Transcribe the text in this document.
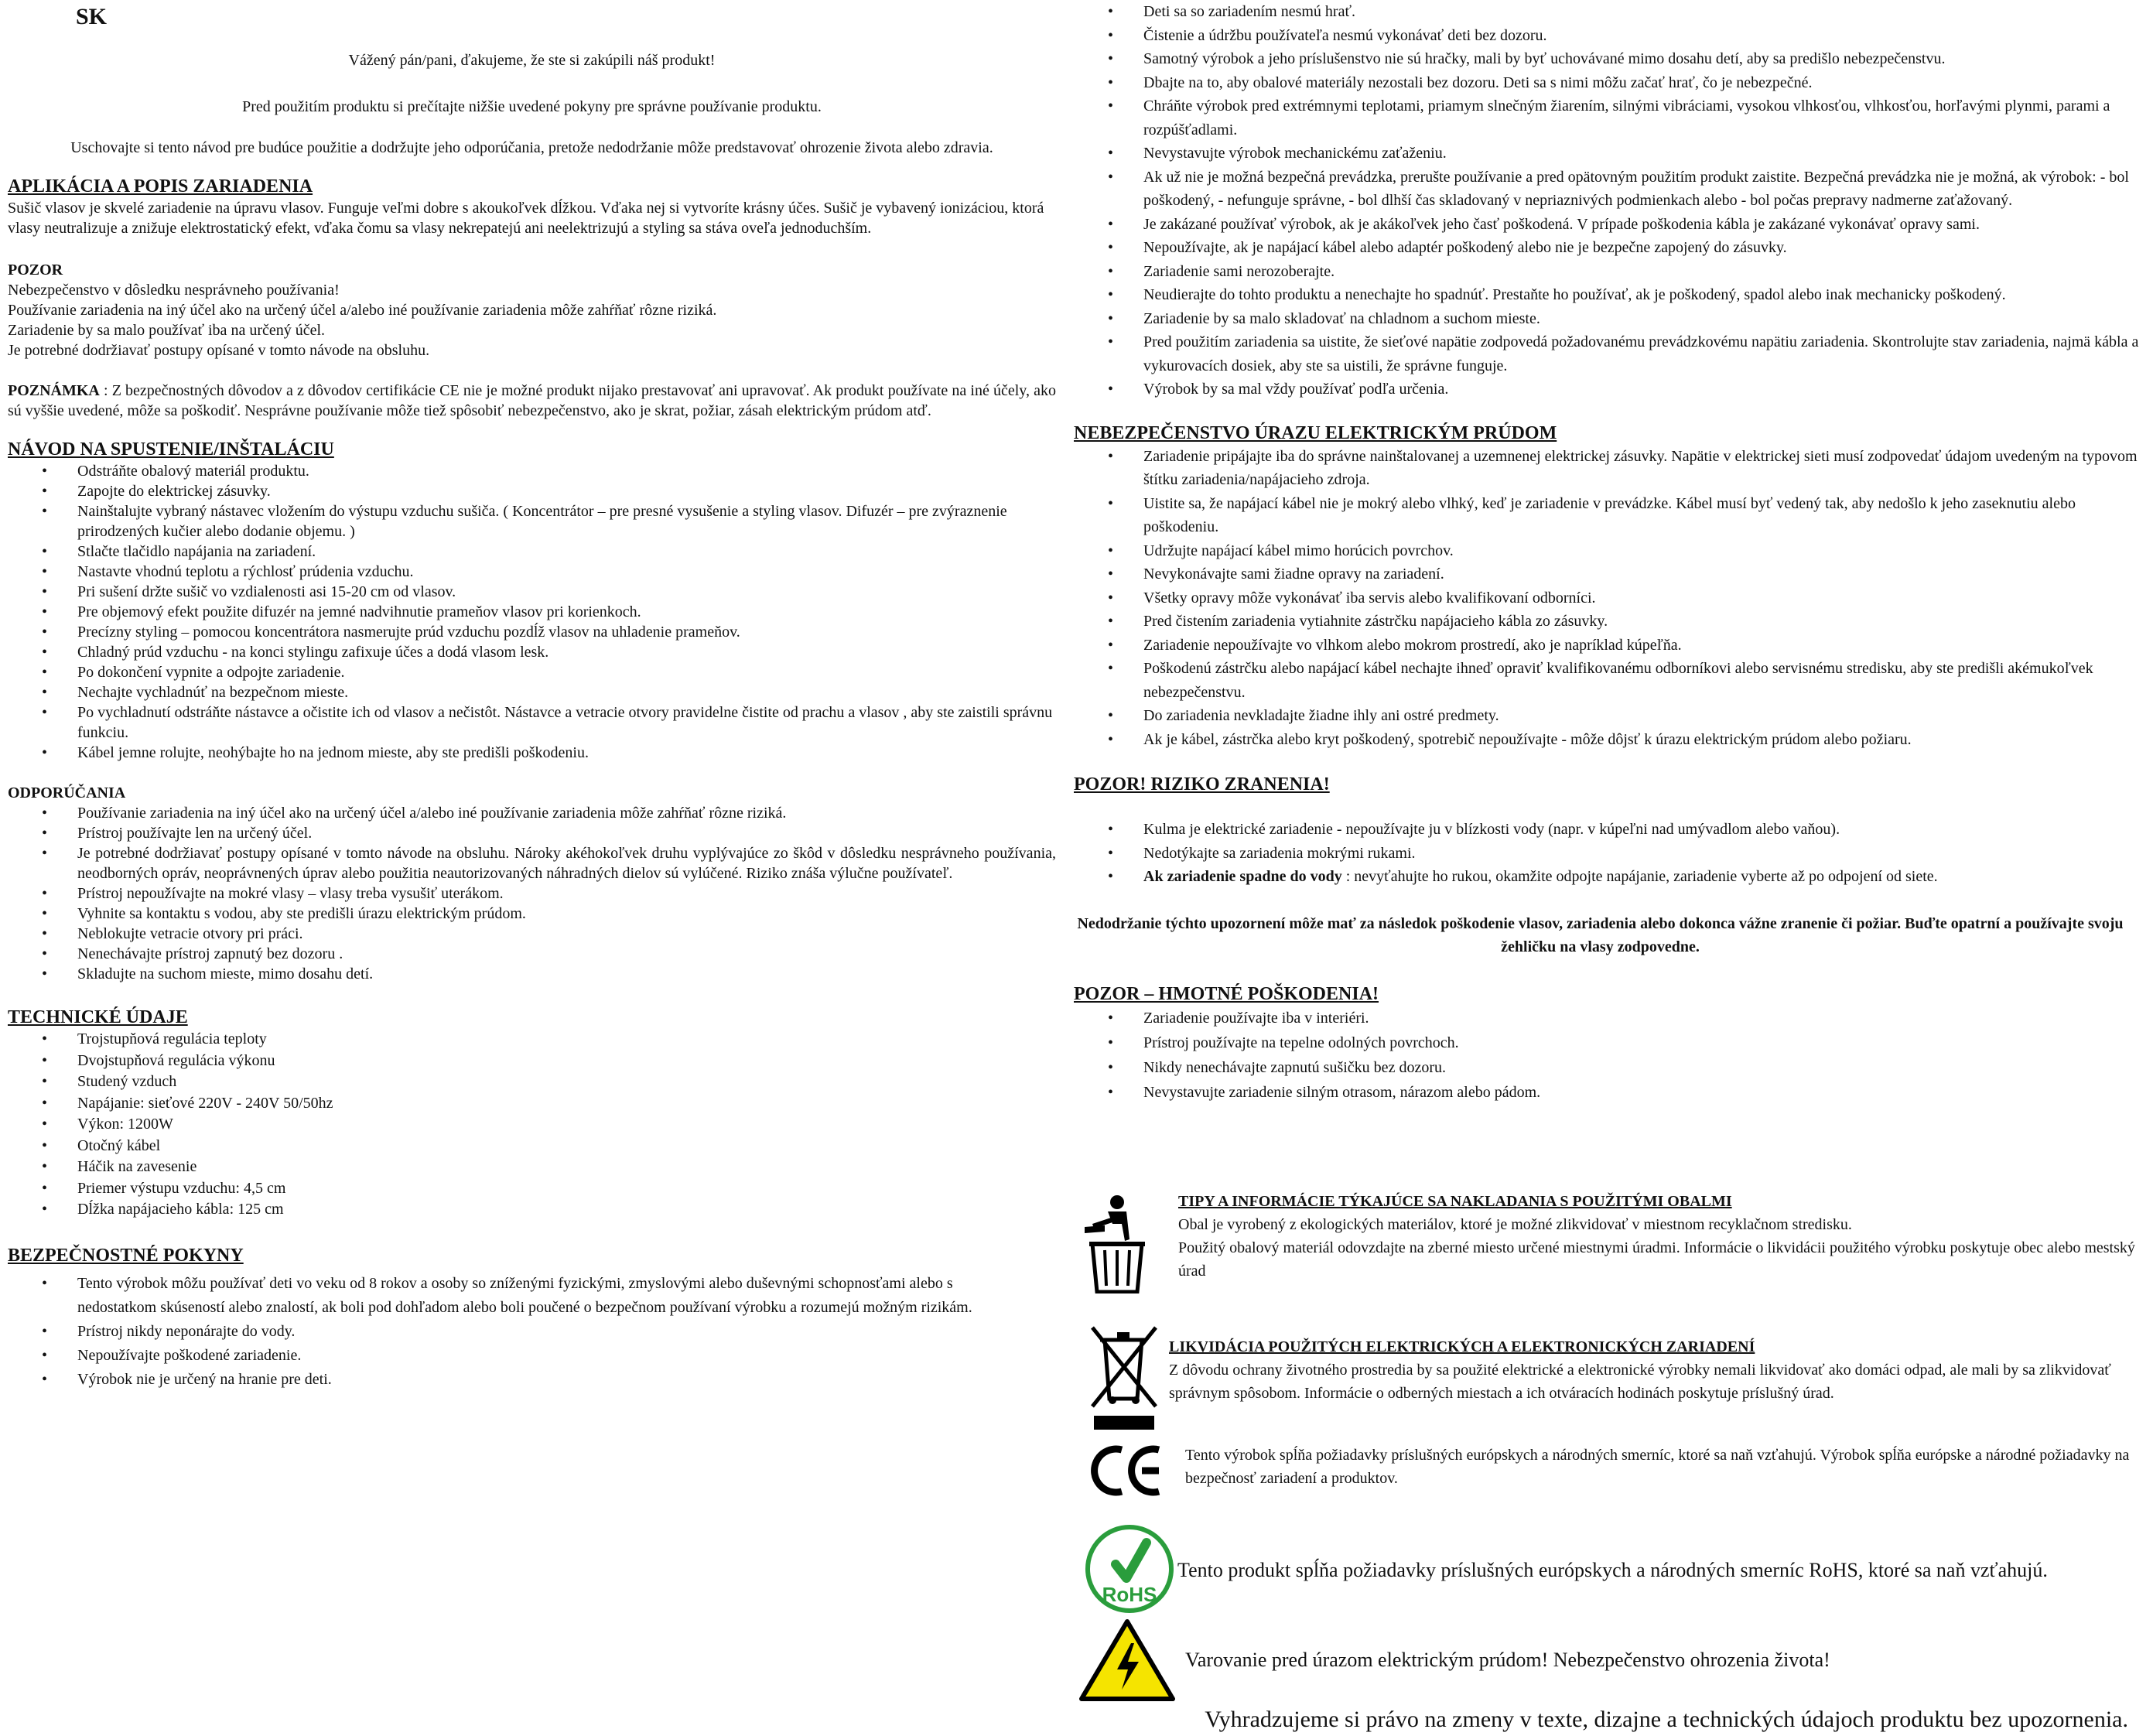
SK

Vážený pán/pani, ďakujeme, že ste si zakúpili náš produkt!

Pred použitím produktu si prečítajte nižšie uvedené pokyny pre správne používanie produktu.

Uschovajte si tento návod pre budúce použitie a dodržujte jeho odporúčania, pretože nedodržanie môže predstavovať ohrozenie života alebo zdravia.

APLIKÁCIA A POPIS ZARIADENIA

Sušič vlasov je skvelé zariadenie na úpravu vlasov. Funguje veľmi dobre s akoukoľvek dĺžkou. Vďaka nej si vytvoríte krásny účes. Sušič je vybavený ionizáciou, ktorá vlasy neutralizuje a znižuje elektrostatický efekt, vďaka čomu sa vlasy nekrepatejú ani neelektrizujú a styling sa stáva oveľa jednoduchším.

POZOR

Nebezpečenstvo v dôsledku nesprávneho používania!

Používanie zariadenia na iný účel ako na určený účel a/alebo iné používanie zariadenia môže zahŕňať rôzne riziká.

Zariadenie by sa malo používať iba na určený účel.

Je potrebné dodržiavať postupy opísané v tomto návode na obsluhu.

POZNÁMKA : Z bezpečnostných dôvodov a z dôvodov certifikácie CE nie je možné produkt nijako prestavovať ani upravovať. Ak produkt používate na iné účely, ako sú vyššie uvedené, môže sa poškodiť. Nesprávne používanie môže tiež spôsobiť nebezpečenstvo, ako je skrat, požiar, zásah elektrickým prúdom atď.

NÁVOD NA SPUSTENIE/INŠTALÁCIU
• Odstráňte obalový materiál produktu.
• Zapojte do elektrickej zásuvky.
• Nainštalujte vybraný nástavec vložením do výstupu vzduchu sušiča. ( Koncentrátor – pre presné vysušenie a styling vlasov. Difuzér – pre zvýraznenie prirodzených kučier alebo dodanie objemu. )
• Stlačte tlačidlo napájania na zariadení.
• Nastavte vhodnú teplotu a rýchlosť prúdenia vzduchu.
• Pri sušení držte sušič vo vzdialenosti asi 15-20 cm od vlasov.
• Pre objemový efekt použite difuzér na jemné nadvihnutie prameňov vlasov pri korienkoch.
• Precízny styling – pomocou koncentrátora nasmerujte prúd vzduchu pozdĺž vlasov na uhladenie prameňov.
• Chladný prúd vzduchu - na konci stylingu zafixuje účes a dodá vlasom lesk.
• Po dokončení vypnite a odpojte zariadenie.
• Nechajte vychladnúť na bezpečnom mieste.
• Po vychladnutí odstráňte nástavce a očistite ich od vlasov a nečistôt. Nástavce a vetracie otvory pravidelne čistite od prachu a vlasov , aby ste zaistili správnu funkciu.
• Kábel jemne rolujte, neohýbajte ho na jednom mieste, aby ste predišli poškodeniu.

ODPORÚČANIA

• Používanie zariadenia na iný účel ako na určený účel a/alebo iné používanie zariadenia môže zahŕňať rôzne riziká.
• Prístroj používajte len na určený účel.
• Je potrebné dodržiavať postupy opísané v tomto návode na obsluhu. Nároky akéhokoľvek druhu vyplývajúce zo škôd v dôsledku nesprávneho používania, neodborných opráv, neoprávnených úprav alebo použitia neautorizovaných náhradných dielov sú vylúčené. Riziko znáša výlučne používateľ.
• Prístroj nepoužívajte na mokré vlasy – vlasy treba vysušiť uterákom.
• Vyhnite sa kontaktu s vodou, aby ste predišli úrazu elektrickým prúdom.
• Neblokujte vetracie otvory pri práci.
• Nenechávajte prístroj zapnutý bez dozoru .
• Skladujte na suchom mieste, mimo dosahu detí.
TECHNICKÉ ÚDAJE
• Trojstupňová regulácia teploty
• Dvojstupňová regulácia výkonu
• Studený vzduch
• Napájanie: sieťové 220V - 240V 50/50hz
• Výkon: 1200W
• Otočný kábel
• Háčik na zavesenie
• Priemer výstupu vzduchu: 4,5 cm
• Dĺžka napájacieho kábla: 125 cm
BEZPEČNOSTNÉ POKYNY
• Tento výrobok môžu používať deti vo veku od 8 rokov a osoby so zníženými fyzickými, zmyslovými alebo duševnými schopnosťami alebo s nedostatkom skúseností alebo znalostí, ak boli pod dohľadom alebo boli poučené o bezpečnom používaní výrobku a rozumejú možným rizikám.
• Prístroj nikdy neponárajte do vody.
• Nepoužívajte poškodené zariadenie.
• Výrobok nie je určený na hranie pre deti.
• Deti sa so zariadením nesmú hrať.
• Čistenie a údržbu používateľa nesmú vykonávať deti bez dozoru.
• Samotný výrobok a jeho príslušenstvo nie sú hračky, mali by byť uchovávané mimo dosahu detí, aby sa predišlo nebezpečenstvu.
• Dbajte na to, aby obalové materiály nezostali bez dozoru. Deti sa s nimi môžu začať hrať, čo je nebezpečné.
• Chráňte výrobok pred extrémnymi teplotami, priamym slnečným žiarením, silnými vibráciami, vysokou vlhkosťou, vlhkosťou, horľavými plynmi, parami a rozpúšťadlami.
• Nevystavujte výrobok mechanickému zaťaženiu.
• Ak už nie je možná bezpečná prevádzka, prerušte používanie a pred opätovným použitím produkt zaistite. Bezpečná prevádzka nie je možná, ak výrobok: - bol poškodený, - nefunguje správne, - bol dlhší čas skladovaný v nepriaznivých podmienkach alebo - bol počas prepravy nadmerne zaťažovaný.
• Je zakázané používať výrobok, ak je akákoľvek jeho časť poškodená. V prípade poškodenia kábla je zakázané vykonávať opravy sami.
• Nepoužívajte, ak je napájací kábel alebo adaptér poškodený alebo nie je bezpečne zapojený do zásuvky.
• Zariadenie sami nerozoberajte.
• Neudierajte do tohto produktu a nenechajte ho spadnúť. Prestaňte ho používať, ak je poškodený, spadol alebo inak mechanicky poškodený.
• Zariadenie by sa malo skladovať na chladnom a suchom mieste.
• Pred použitím zariadenia sa uistite, že sieťové napätie zodpovedá požadovanému prevádzkovému napätiu zariadenia. Skontrolujte stav zariadenia, najmä kábla a vykurovacích dosiek, aby ste sa uistili, že správne funguje.
• Výrobok by sa mal vždy používať podľa určenia.
NEBEZPEČENSTVO ÚRAZU ELEKTRICKÝM PRÚDOM
• Zariadenie pripájajte iba do správne nainštalovanej a uzemnenej elektrickej zásuvky. Napätie v elektrickej sieti musí zodpovedať údajom uvedeným na typovom štítku zariadenia/napájacieho zdroja.
• Uistite sa, že napájací kábel nie je mokrý alebo vlhký, keď je zariadenie v prevádzke. Kábel musí byť vedený tak, aby nedošlo k jeho zaseknutiu alebo poškodeniu.
• Udržujte napájací kábel mimo horúcich povrchov.
• Nevykonávajte sami žiadne opravy na zariadení.
• Všetky opravy môže vykonávať iba servis alebo kvalifikovaní odborníci.
• Pred čistením zariadenia vytiahnite zástrčku napájacieho kábla zo zásuvky.
• Zariadenie nepoužívajte vo vlhkom alebo mokrom prostredí, ako je napríklad kúpeľňa.
• Poškodenú zástrčku alebo napájací kábel nechajte ihneď opraviť kvalifikovanému odborníkovi alebo servisnému stredisku, aby ste predišli akémukoľvek nebezpečenstvu.
• Do zariadenia nevkladajte žiadne ihly ani ostré predmety.
• Ak je kábel, zástrčka alebo kryt poškodený, spotrebič nepoužívajte - môže dôjsť k úrazu elektrickým prúdom alebo požiaru.
POZOR! RIZIKO ZRANENIA!
• Kulma je elektrické zariadenie - nepoužívajte ju v blízkosti vody (napr. v kúpeľni nad umývadlom alebo vaňou).
• Nedotýkajte sa zariadenia mokrými rukami.
• Ak zariadenie spadne do vody : nevyťahujte ho rukou, okamžite odpojte napájanie, zariadenie vyberte až po odpojení od siete.

Nedodržanie týchto upozornení môže mať za následok poškodenie vlasov, zariadenia alebo dokonca vážne zranenie či požiar. Buďte opatrní a používajte svoju žehličku na vlasy zodpovedne.

POZOR – HMOTNÉ POŠKODENIA!
• Zariadenie používajte iba v interiéri.
• Prístroj používajte na tepelne odolných povrchoch.
• Nikdy nenechávajte zapnutú sušičku bez dozoru.
• Nevystavujte zariadenie silným otrasom, nárazom alebo pádom.
TIPY A INFORMÁCIE TÝKAJÚCE SA NAKLADANIA S POUŽITÝMI OBALMI
Obal je vyrobený z ekologických materiálov, ktoré je možné zlikvidovať v miestnom recyklačnom stredisku.
Použitý obalový materiál odovzdajte na zberné miesto určené miestnymi úradmi. Informácie o likvidácii použitého výrobku poskytuje obec alebo mestský úrad
LIKVIDÁCIA POUŽITÝCH ELEKTRICKÝCH A ELEKTRONICKÝCH ZARIADENÍ
Z dôvodu ochrany životného prostredia by sa použité elektrické a elektronické výrobky nemali likvidovať ako domáci odpad, ale mali by sa zlikvidovať správnym spôsobom. Informácie o odberných miestach a ich otváracích hodinách poskytuje príslušný úrad.
Tento výrobok spĺňa požiadavky príslušných európskych a národných smerníc, ktoré sa naň vzťahujú. Výrobok spĺňa európske a národné požiadavky na bezpečnosť zariadení a produktov.
RoHS
Tento produkt spĺňa požiadavky príslušných európskych a národných smerníc RoHS, ktoré sa naň vzťahujú.
Varovanie pred úrazom elektrickým prúdom! Nebezpečenstvo ohrozenia života!
Vyhradzujeme si právo na zmeny v texte, dizajne a technických údajoch produktu bez upozornenia.
